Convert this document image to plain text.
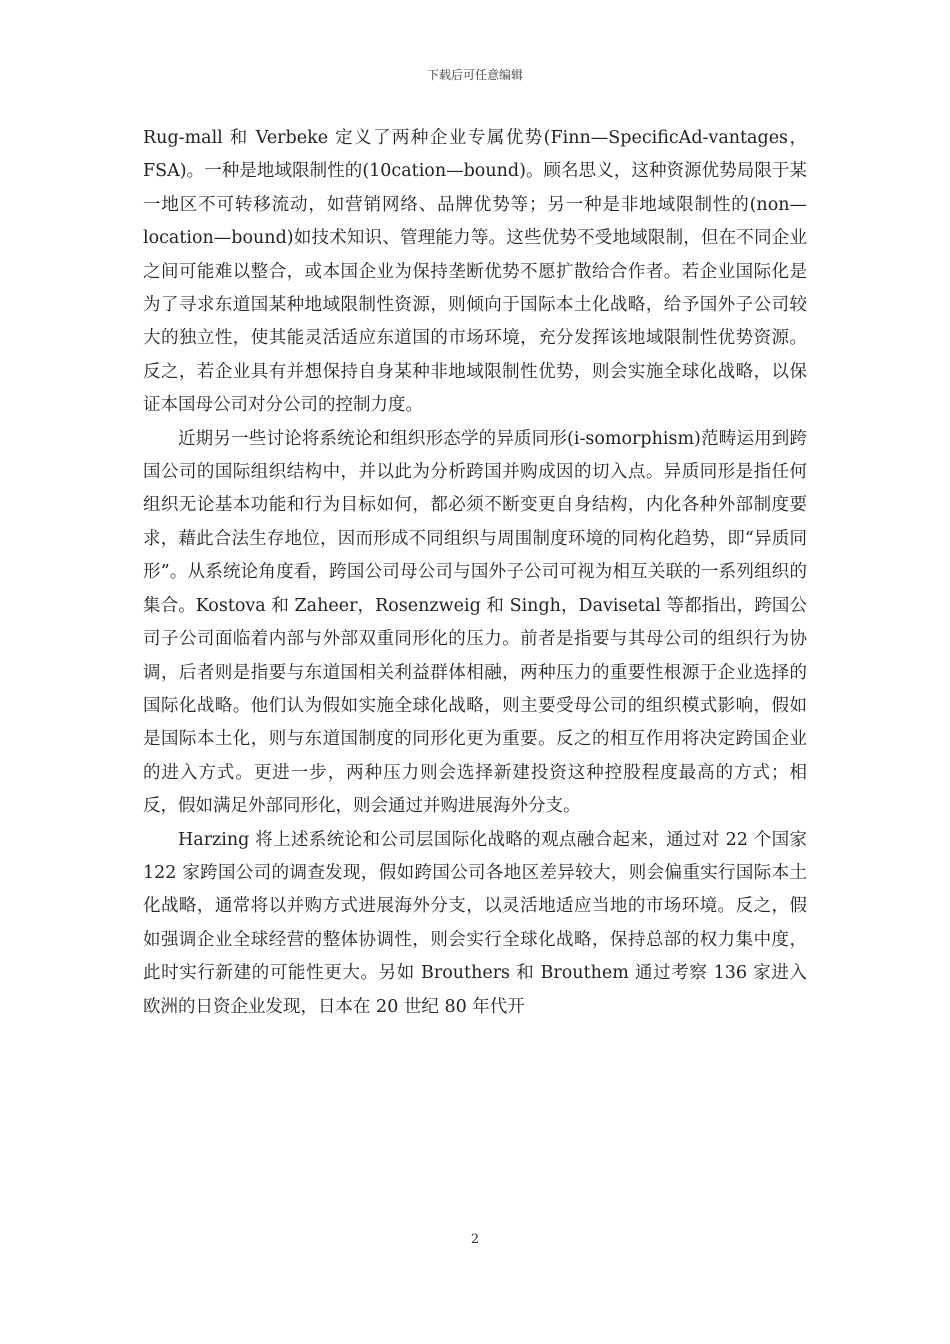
下载后可任意编辑

Rug-mall 和 Verbeke 定义了两种企业专属优势(Finn—SpecificAd-vantages，FSA)。一种是地域限制性的(10cation—bound)。顾名思义，这种资源优势局限于某一地区不可转移流动，如营销网络、品牌优势等；另一种是非地域限制性的(non—location—bound)如技术知识、管理能力等。这些优势不受地域限制，但在不同企业之间可能难以整合，或本国企业为保持垄断优势不愿扩散给合作者。若企业国际化是为了寻求东道国某种地域限制性资源，则倾向于国际本土化战略，给予国外子公司较大的独立性，使其能灵活适应东道国的市场环境，充分发挥该地域限制性优势资源。反之，若企业具有并想保持自身某种非地域限制性优势，则会实施全球化战略，以保证本国母公司对分公司的控制力度。

近期另一些讨论将系统论和组织形态学的异质同形(i-somorphism)范畴运用到跨国公司的国际组织结构中，并以此为分析跨国并购成因的切入点。异质同形是指任何组织无论基本功能和行为目标如何，都必须不断变更自身结构，内化各种外部制度要求，藉此合法生存地位，因而形成不同组织与周围制度环境的同构化趋势，即“异质同形”。从系统论角度看，跨国公司母公司与国外子公司可视为相互关联的一系列组织的集合。Kostova 和 Zaheer，Rosenzweig 和 Singh，Davisetal 等都指出，跨国公司子公司面临着内部与外部双重同形化的压力。前者是指要与其母公司的组织行为协调，后者则是指要与东道国相关利益群体相融，两种压力的重要性根源于企业选择的国际化战略。他们认为假如实施全球化战略，则主要受母公司的组织模式影响，假如是国际本土化，则与东道国制度的同形化更为重要。反之的相互作用将决定跨国企业的进入方式。更进一步，两种压力则会选择新建投资这种控股程度最高的方式；相反，假如满足外部同形化，则会通过并购进展海外分支。

Harzing 将上述系统论和公司层国际化战略的观点融合起来，通过对 22 个国家 122 家跨国公司的调查发现，假如跨国公司各地区差异较大，则会偏重实行国际本土化战略，通常将以并购方式进展海外分支，以灵活地适应当地的市场环境。反之，假如强调企业全球经营的整体协调性，则会实行全球化战略，保持总部的权力集中度，此时实行新建的可能性更大。另如 Brouthers 和 Brouthem 通过考察 136 家进入欧洲的日资企业发现，日本在 20 世纪 80 年代开

2
